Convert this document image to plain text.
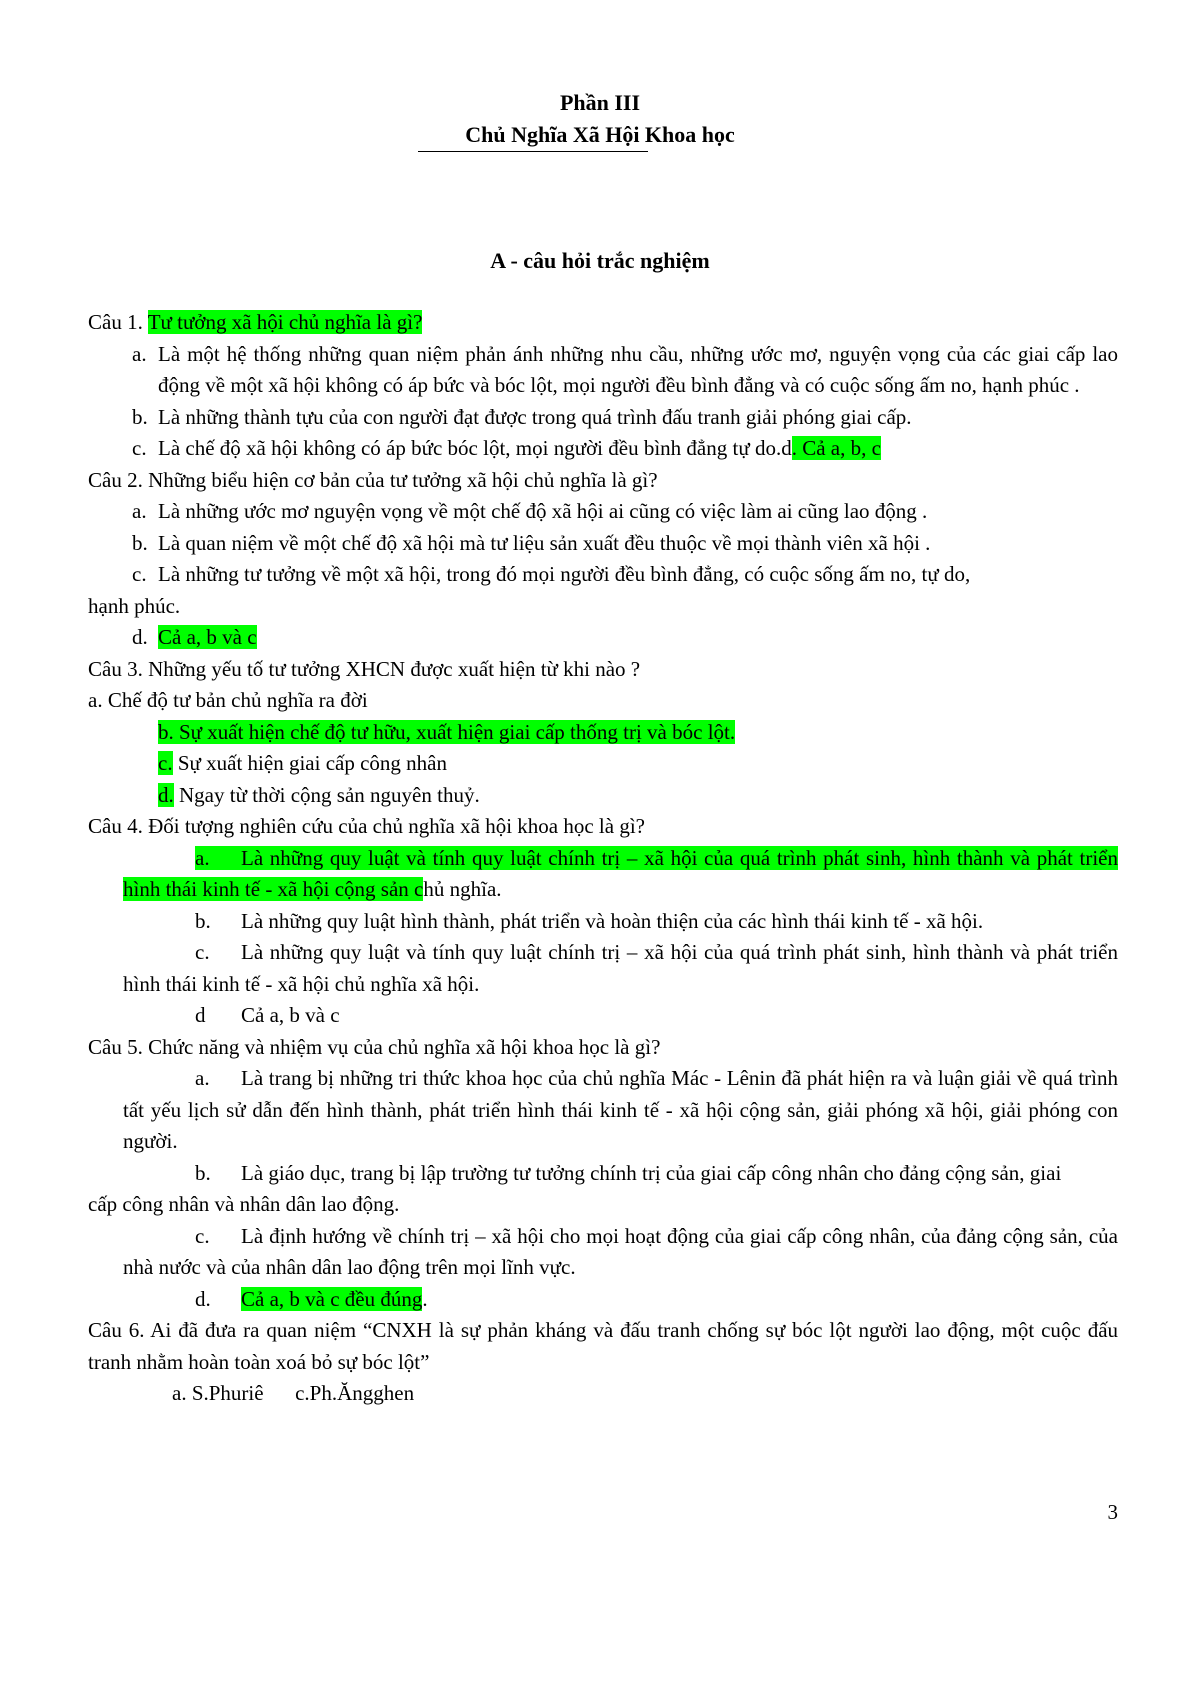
Phần III
Chủ Nghĩa Xã Hội Khoa học
A - câu hỏi trắc nghiệm

Câu 1. Tư tưởng xã hội chủ nghĩa là gì?

a. Là một hệ thống những quan niệm phản ánh những nhu cầu, những ước mơ, nguyện vọng của các giai cấp lao động về một xã hội không có áp bức và bóc lột, mọi người đều bình đẳng và có cuộc sống ấm no, hạnh phúc .

b. Là những thành tựu của con người đạt được trong quá trình đấu tranh giải phóng giai cấp.

c. Là chế độ xã hội không có áp bức bóc lột, mọi người đều bình đẳng tự do.d. Cả a, b, c

Câu 2. Những biểu hiện cơ bản của tư tưởng xã hội chủ nghĩa là gì?

a. Là những ước mơ nguyện vọng về một chế độ xã hội ai cũng có việc làm ai cũng lao động .

b. Là quan niệm về một chế độ xã hội mà tư liệu sản xuất đều thuộc về mọi thành viên xã hội .

c. Là những tư tưởng về một xã hội, trong đó mọi người đều bình đẳng, có cuộc sống ấm no, tự do,

hạnh phúc.

d. Cả a, b và c

Câu 3. Những yếu tố tư tưởng XHCN được xuất hiện từ khi nào ?

a. Chế độ tư bản chủ nghĩa ra đời

b. Sự xuất hiện chế độ tư hữu, xuất hiện giai cấp thống trị và bóc lột.

c. Sự xuất hiện giai cấp công nhân

d. Ngay từ thời cộng sản nguyên thuỷ.

Câu 4. Đối tượng nghiên cứu của chủ nghĩa xã hội khoa học là gì?

a. Là những quy luật và tính quy luật chính trị – xã hội của quá trình phát sinh, hình thành và phát triển hình thái kinh tế - xã hội cộng sản chủ nghĩa.

b. Là những quy luật hình thành, phát triển và hoàn thiện của các hình thái kinh tế - xã hội.

c. Là những quy luật và tính quy luật chính trị – xã hội của quá trình phát sinh, hình thành và phát triển hình thái kinh tế - xã hội chủ nghĩa xã hội.

d Cả a, b và c

Câu 5. Chức năng và nhiệm vụ của chủ nghĩa xã hội khoa học là gì?

a. Là trang bị những tri thức khoa học của chủ nghĩa Mác - Lênin đã phát hiện ra và luận giải về quá trình tất yếu lịch sử dẫn đến hình thành, phát triển hình thái kinh tế - xã hội cộng sản, giải phóng xã hội, giải phóng con người.

b. Là giáo dục, trang bị lập trường tư tưởng chính trị của giai cấp công nhân cho đảng cộng sản, giai

cấp công nhân và nhân dân lao động.

c. Là định hướng về chính trị – xã hội cho mọi hoạt động của giai cấp công nhân, của đảng cộng sản, của nhà nước và của nhân dân lao động trên mọi lĩnh vực.

d. Cả a, b và c đều đúng.

Câu 6. Ai đã đưa ra quan niệm “CNXH là sự phản kháng và đấu tranh chống sự bóc lột người lao động, một cuộc đấu tranh nhằm hoàn toàn xoá bỏ sự bóc lột”

a. S.Phuriê      c.Ph.Ăngghen

3
